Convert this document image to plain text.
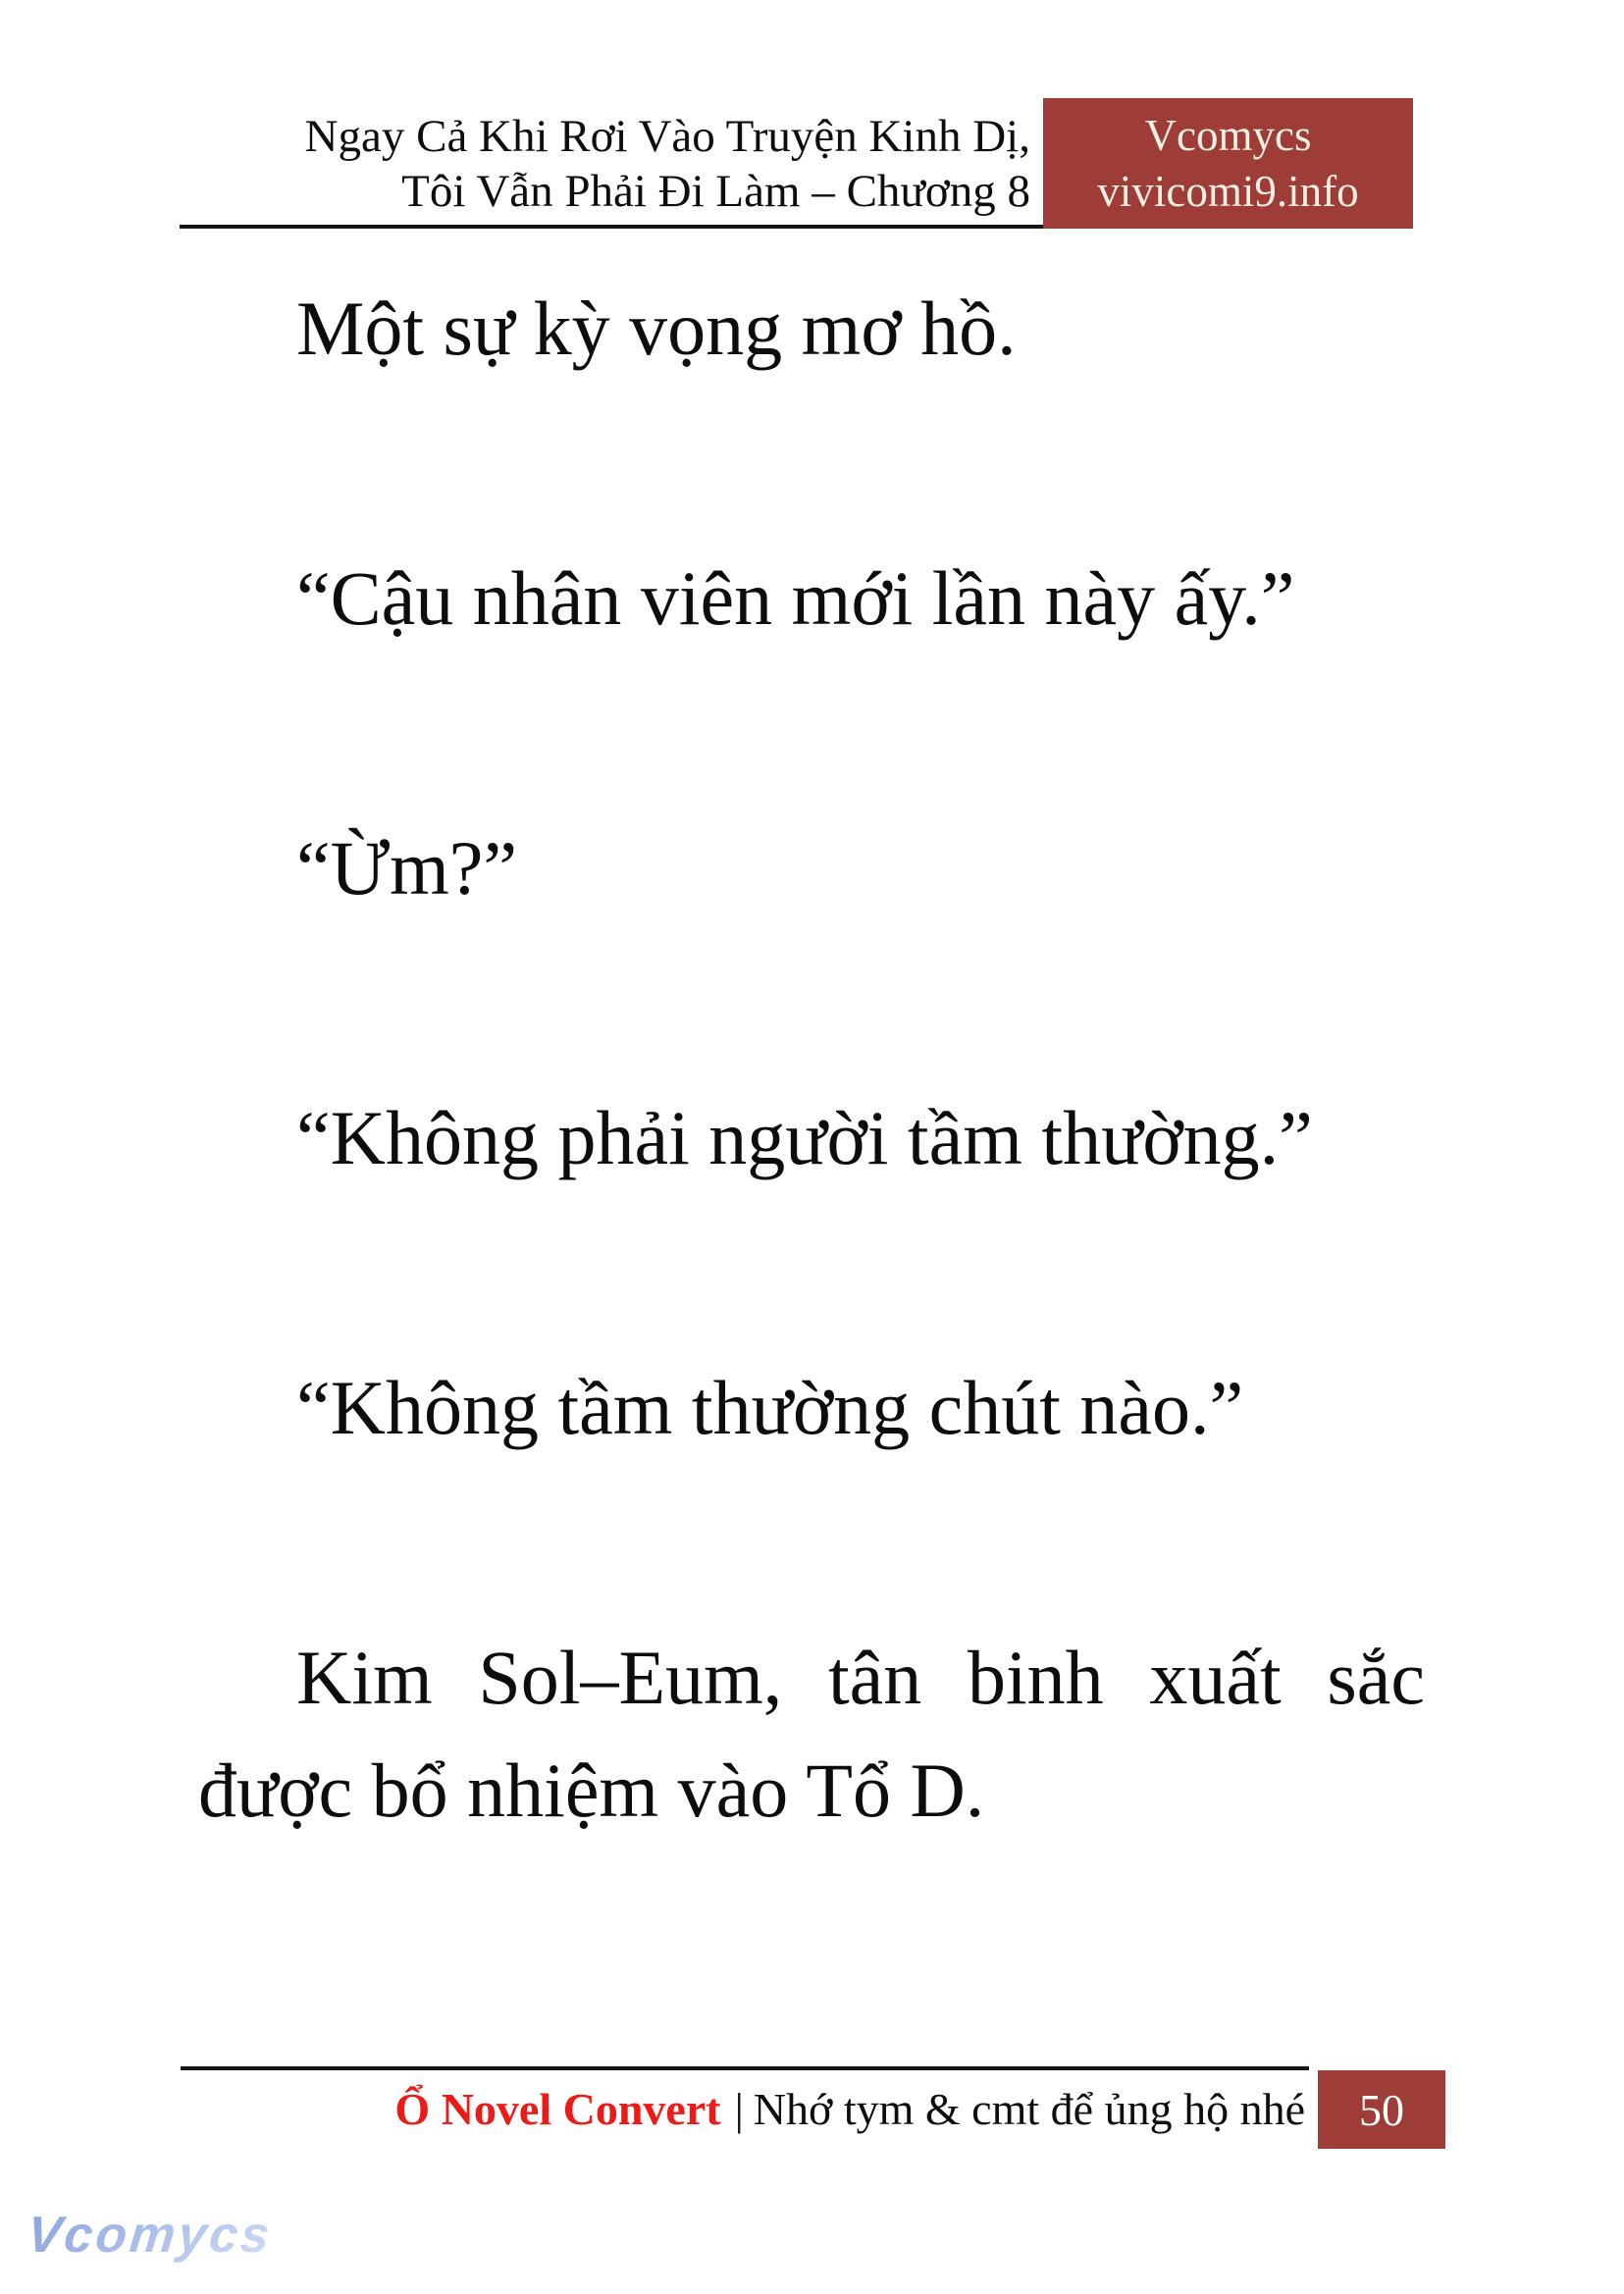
Ngay Cả Khi Rơi Vào Truyện Kinh Dị,
Tôi Vẫn Phải Đi Làm – Chương 8
Vcomycs
vivicomi9.info

Một sự kỳ vọng mơ hồ.

“Cậu nhân viên mới lần này ấy.”

“Ừm?”

“Không phải người tầm thường.”

“Không tầm thường chút nào.”

Kim Sol–Eum, tân binh xuất sắc được bổ nhiệm vào Tổ D.

Ổ Novel Convert | Nhớ tym & cmt để ủng hộ nhé 50
Vcomycs
